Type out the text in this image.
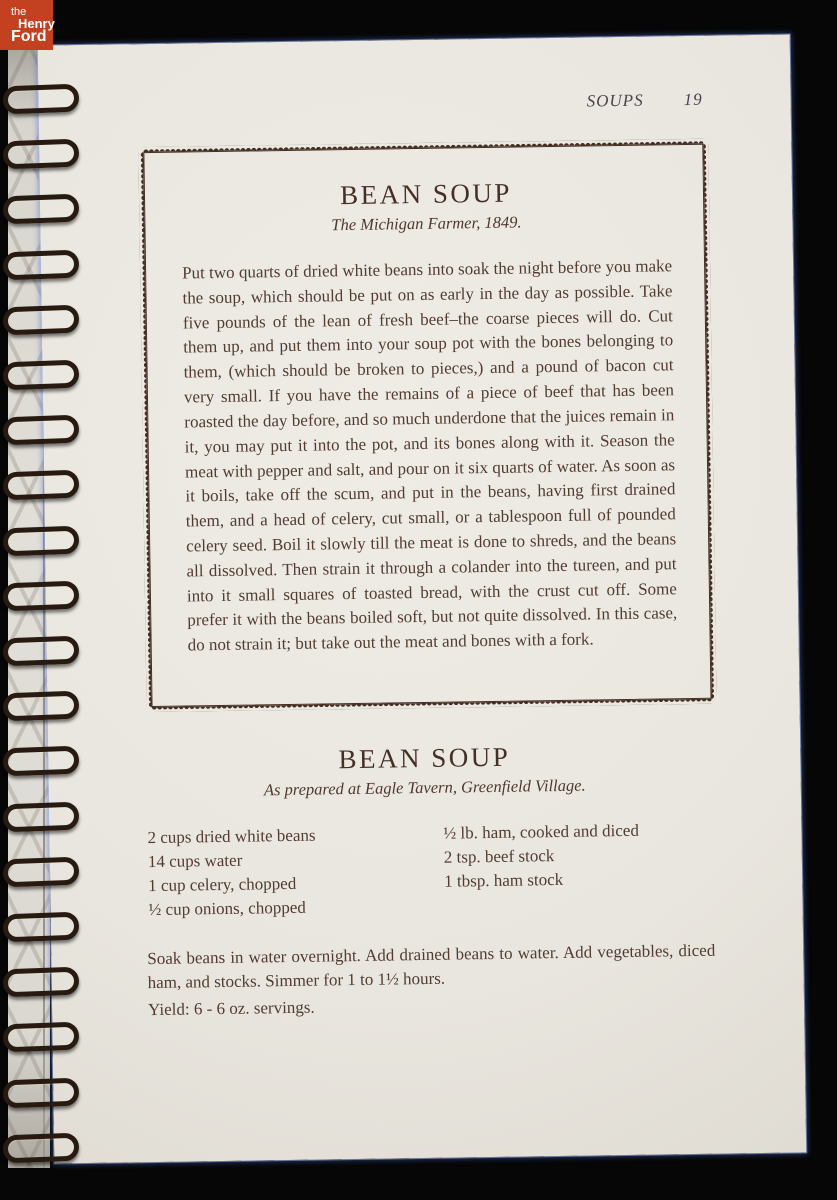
SOUPS 19
BEAN SOUP
The Michigan Farmer, 1849.

Put two quarts of dried white beans into soak the night before you make the soup, which should be put on as early in the day as possible. Take five pounds of the lean of fresh beef–the coarse pieces will do. Cut them up, and put them into your soup pot with the bones belonging to them, (which should be broken to pieces,) and a pound of bacon cut very small. If you have the remains of a piece of beef that has been roasted the day before, and so much underdone that the juices remain in it, you may put it into the pot, and its bones along with it. Season the meat with pepper and salt, and pour on it six quarts of water. As soon as it boils, take off the scum, and put in the beans, having first drained them, and a head of celery, cut small, or a tablespoon full of pounded celery seed. Boil it slowly till the meat is done to shreds, and the beans all dissolved. Then strain it through a colander into the tureen, and put into it small squares of toasted bread, with the crust cut off. Some prefer it with the beans boiled soft, but not quite dissolved. In this case, do not strain it; but take out the meat and bones with a fork.

BEAN SOUP
As prepared at Eagle Tavern, Greenfield Village.
2 cups dried white beans
14 cups water
1 cup celery, chopped
½ cup onions, chopped
½ lb. ham, cooked and diced
2 tsp. beef stock
1 tbsp. ham stock

Soak beans in water overnight. Add drained beans to water. Add vegetables, diced ham, and stocks. Simmer for 1 to 1½ hours.

Yield: 6 - 6 oz. servings.
the
Henry
Ford
